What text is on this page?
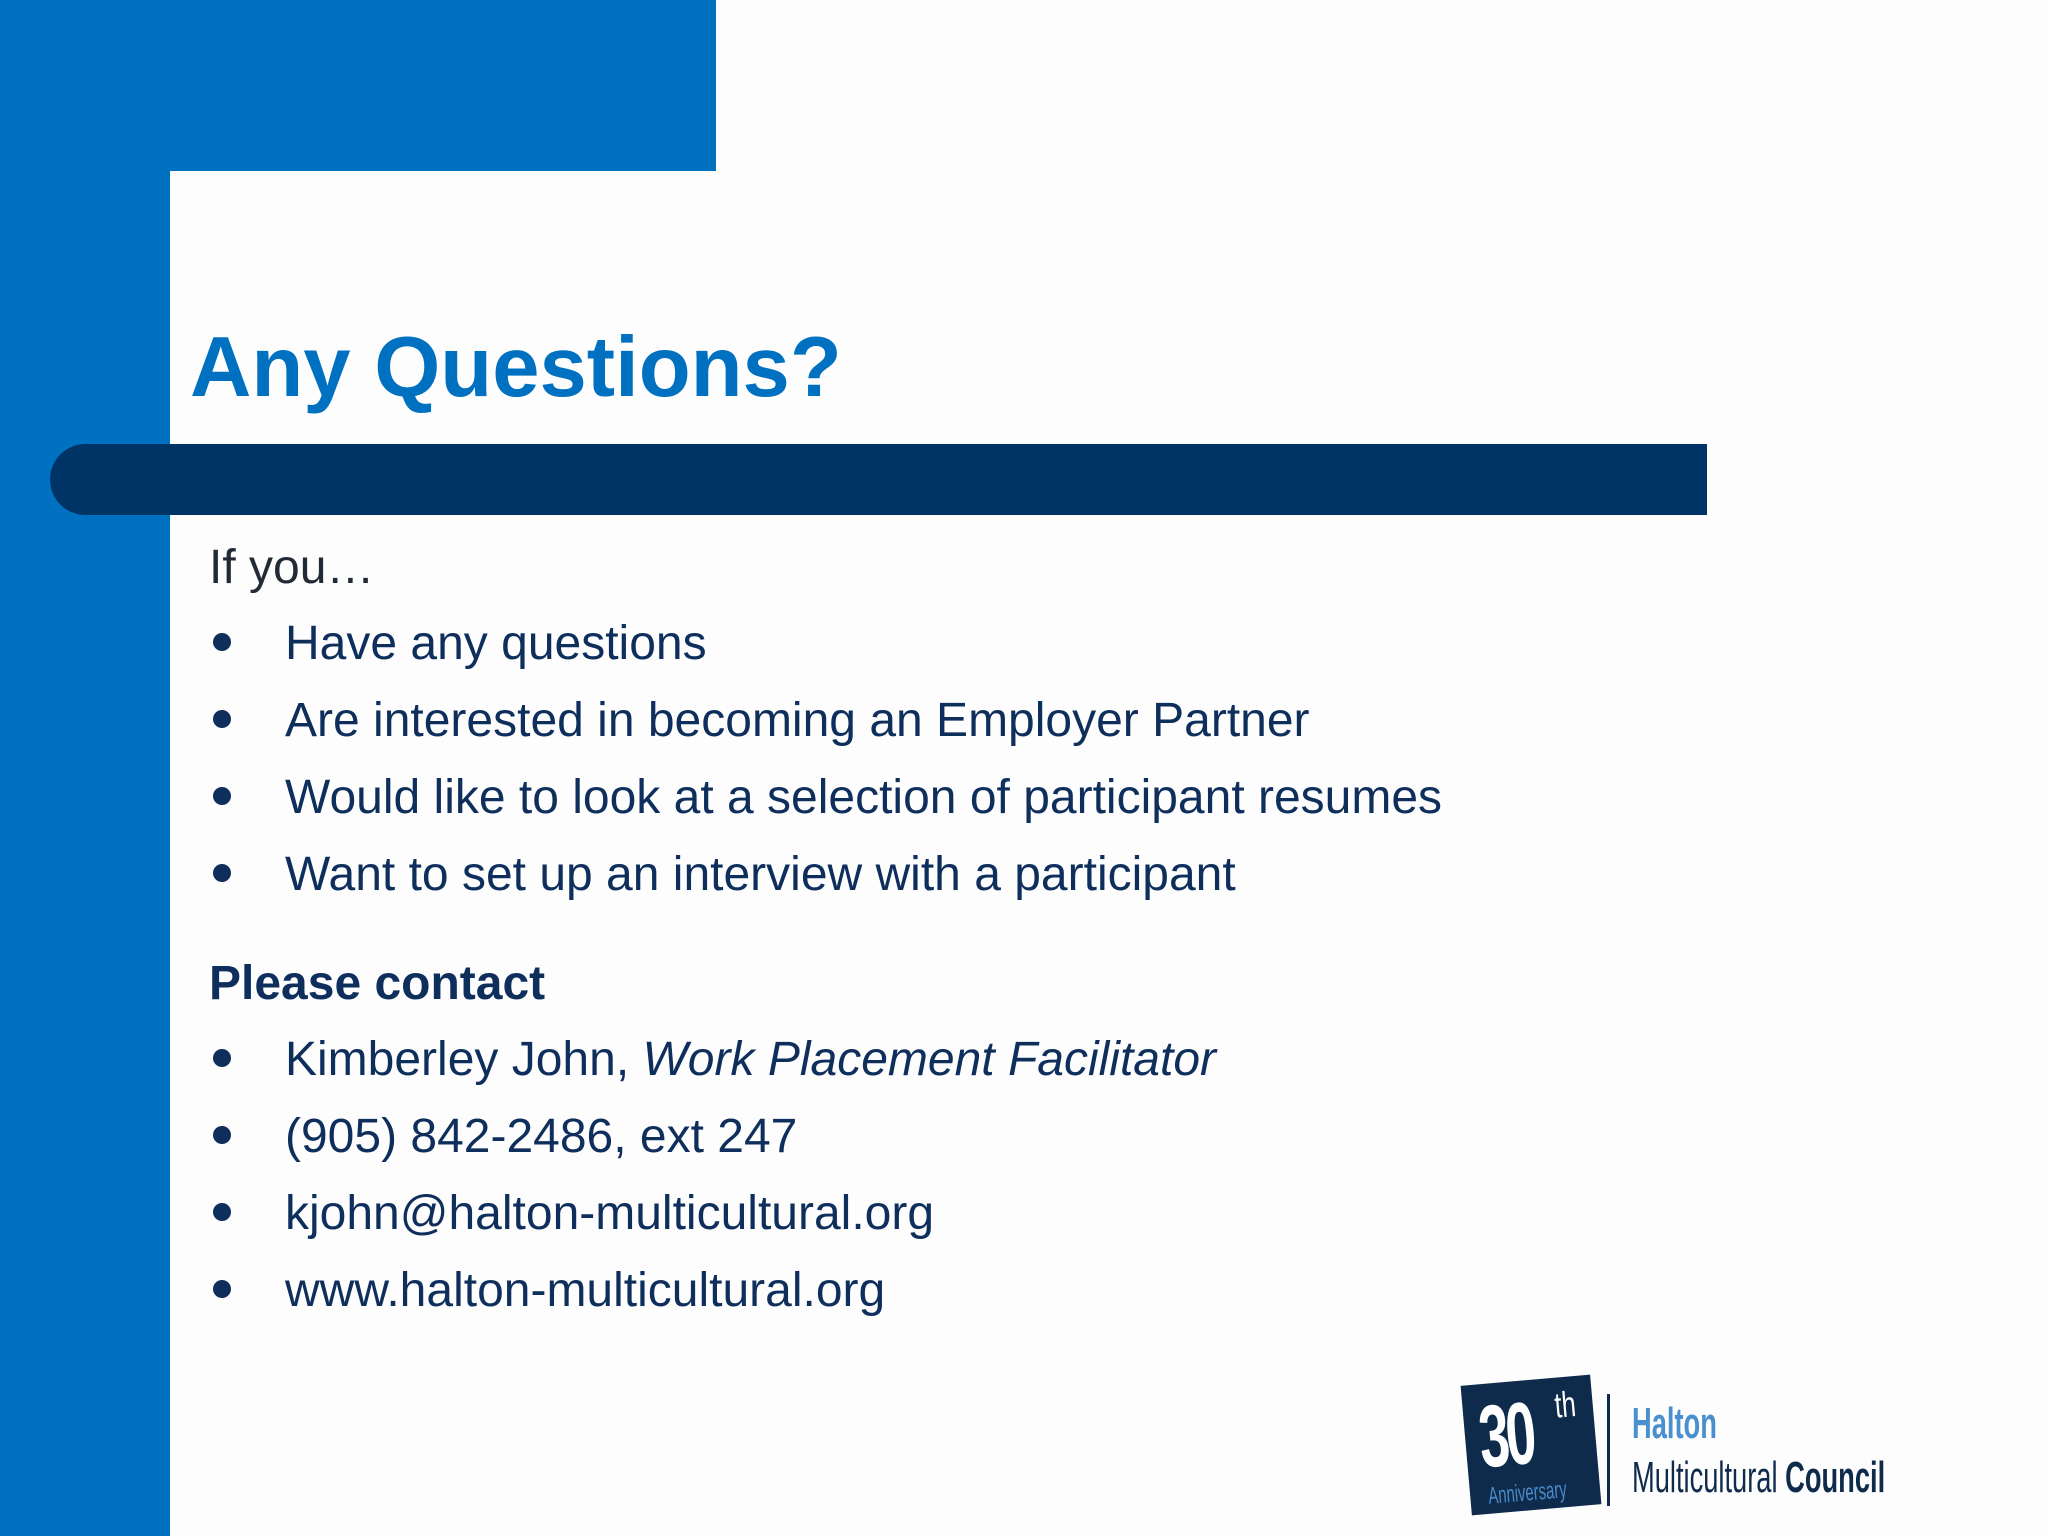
Any Questions?

If you…

Have any questions
Are interested in becoming an Employer Partner
Would like to look at a selection of participant resumes
Want to set up an interview with a participant

Please contact

Kimberley John, Work Placement Facilitator
(905) 842-2486, ext 247
kjohn@halton-multicultural.org
www.halton-multicultural.org
30 th
Anniversary
Halton
Multicultural Council
